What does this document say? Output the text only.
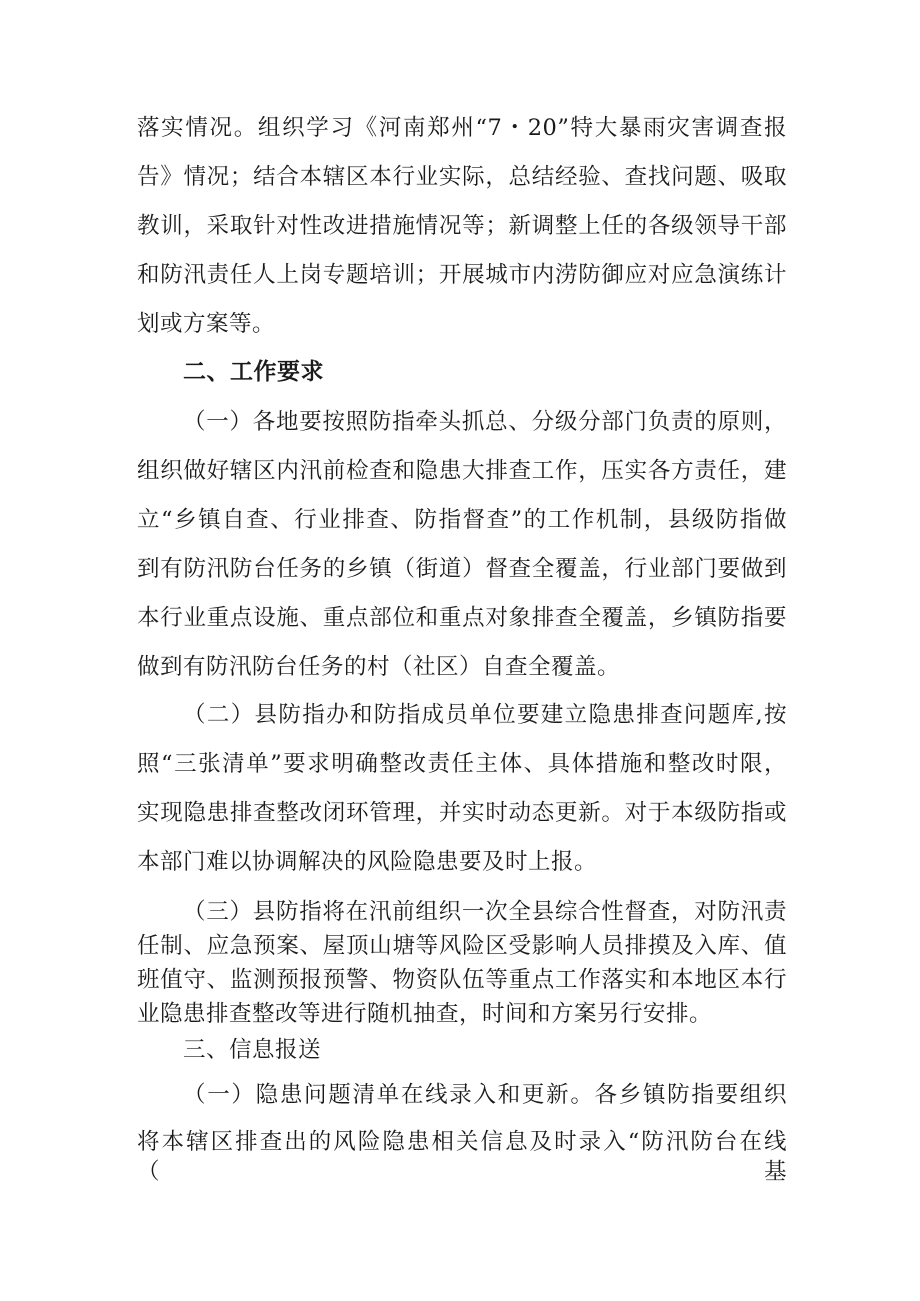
落实情况。组织学习《河南郑州“7・20”特大暴雨灾害调查报
告》情况；结合本辖区本行业实际，总结经验、查找问题、吸取
教训，采取针对性改进措施情况等；新调整上任的各级领导干部
和防汛责任人上岗专题培训；开展城市内涝防御应对应急演练计
划或方案等。
二、工作要求
（一）各地要按照防指牵头抓总、分级分部门负责的原则，
组织做好辖区内汛前检查和隐患大排查工作，压实各方责任，建
立“乡镇自查、行业排查、防指督查”的工作机制，县级防指做
到有防汛防台任务的乡镇（街道）督查全覆盖，行业部门要做到
本行业重点设施、重点部位和重点对象排查全覆盖，乡镇防指要
做到有防汛防台任务的村（社区）自查全覆盖。
（二）县防指办和防指成员单位要建立隐患排查问题库,按
照“三张清单”要求明确整改责任主体、具体措施和整改时限，
实现隐患排查整改闭环管理，并实时动态更新。对于本级防指或
本部门难以协调解决的风险隐患要及时上报。
（三）县防指将在汛前组织一次全县综合性督查，对防汛责
任制、应急预案、屋顶山塘等风险区受影响人员排摸及入库、值
班值守、监测预报预警、物资队伍等重点工作落实和本地区本行
业隐患排查整改等进行随机抽查，时间和方案另行安排。
三、信息报送
（一）隐患问题清单在线录入和更新。各乡镇防指要组织
将本辖区排查出的风险隐患相关信息及时录入“防汛防台在线（基
